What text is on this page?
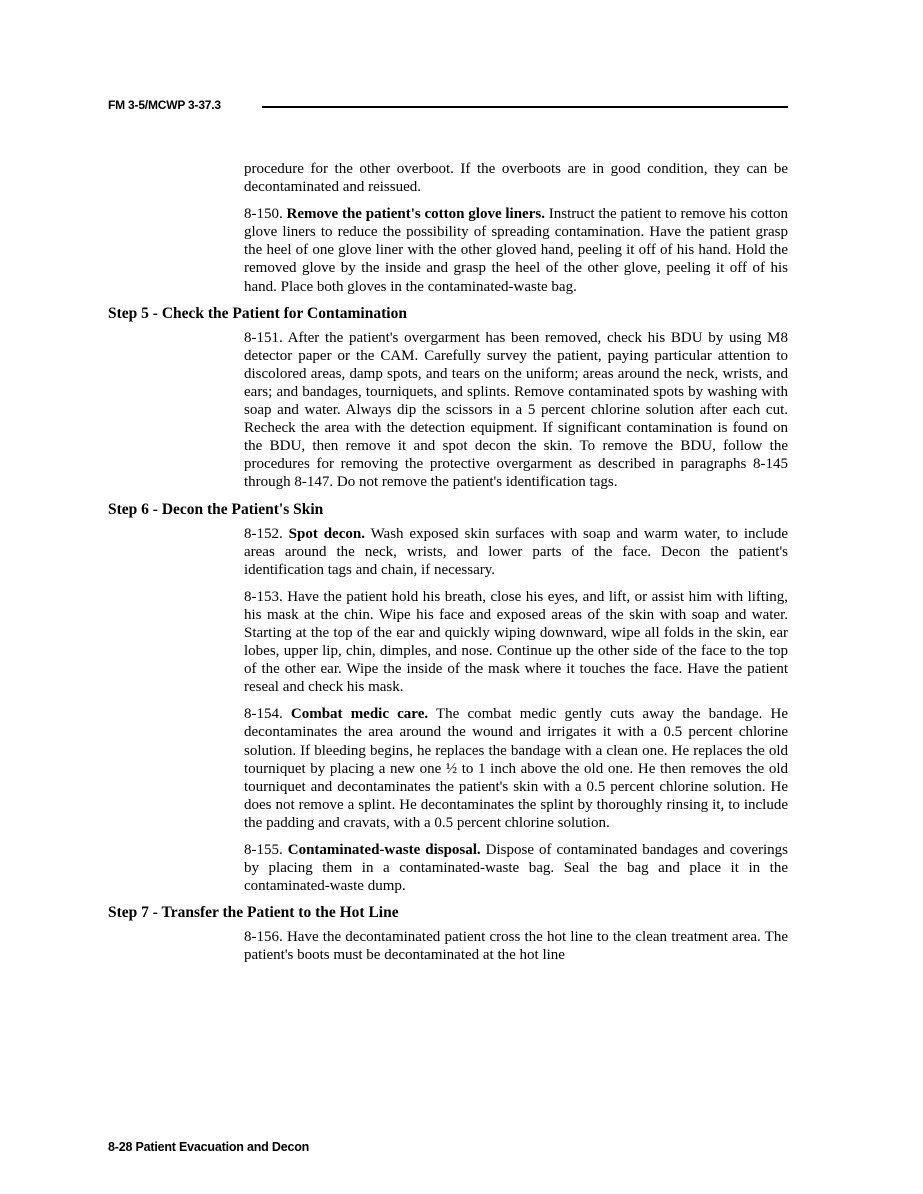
FM 3-5/MCWP 3-37.3

procedure for the other overboot. If the overboots are in good condition, they can be decontaminated and reissued.

8-150. Remove the patient's cotton glove liners. Instruct the patient to remove his cotton glove liners to reduce the possibility of spreading contamination. Have the patient grasp the heel of one glove liner with the other gloved hand, peeling it off of his hand. Hold the removed glove by the inside and grasp the heel of the other glove, peeling it off of his hand. Place both gloves in the contaminated-waste bag.

Step 5 - Check the Patient for Contamination

8-151. After the patient's overgarment has been removed, check his BDU by using M8 detector paper or the CAM. Carefully survey the patient, paying particular attention to discolored areas, damp spots, and tears on the uniform; areas around the neck, wrists, and ears; and bandages, tourniquets, and splints. Remove contaminated spots by washing with soap and water. Always dip the scissors in a 5 percent chlorine solution after each cut. Recheck the area with the detection equipment. If significant contamination is found on the BDU, then remove it and spot decon the skin. To remove the BDU, follow the procedures for removing the protective overgarment as described in paragraphs 8-145 through 8-147. Do not remove the patient's identification tags.

Step 6 - Decon the Patient's Skin

8-152. Spot decon. Wash exposed skin surfaces with soap and warm water, to include areas around the neck, wrists, and lower parts of the face. Decon the patient's identification tags and chain, if necessary.

8-153. Have the patient hold his breath, close his eyes, and lift, or assist him with lifting, his mask at the chin. Wipe his face and exposed areas of the skin with soap and water. Starting at the top of the ear and quickly wiping downward, wipe all folds in the skin, ear lobes, upper lip, chin, dimples, and nose. Continue up the other side of the face to the top of the other ear. Wipe the inside of the mask where it touches the face. Have the patient reseal and check his mask.

8-154. Combat medic care. The combat medic gently cuts away the bandage. He decontaminates the area around the wound and irrigates it with a 0.5 percent chlorine solution. If bleeding begins, he replaces the bandage with a clean one. He replaces the old tourniquet by placing a new one ½ to 1 inch above the old one. He then removes the old tourniquet and decontaminates the patient's skin with a 0.5 percent chlorine solution. He does not remove a splint. He decontaminates the splint by thoroughly rinsing it, to include the padding and cravats, with a 0.5 percent chlorine solution.

8-155. Contaminated-waste disposal. Dispose of contaminated bandages and coverings by placing them in a contaminated-waste bag. Seal the bag and place it in the contaminated-waste dump.

Step 7 - Transfer the Patient to the Hot Line

8-156. Have the decontaminated patient cross the hot line to the clean treatment area. The patient's boots must be decontaminated at the hot line

8-28 Patient Evacuation and Decon
